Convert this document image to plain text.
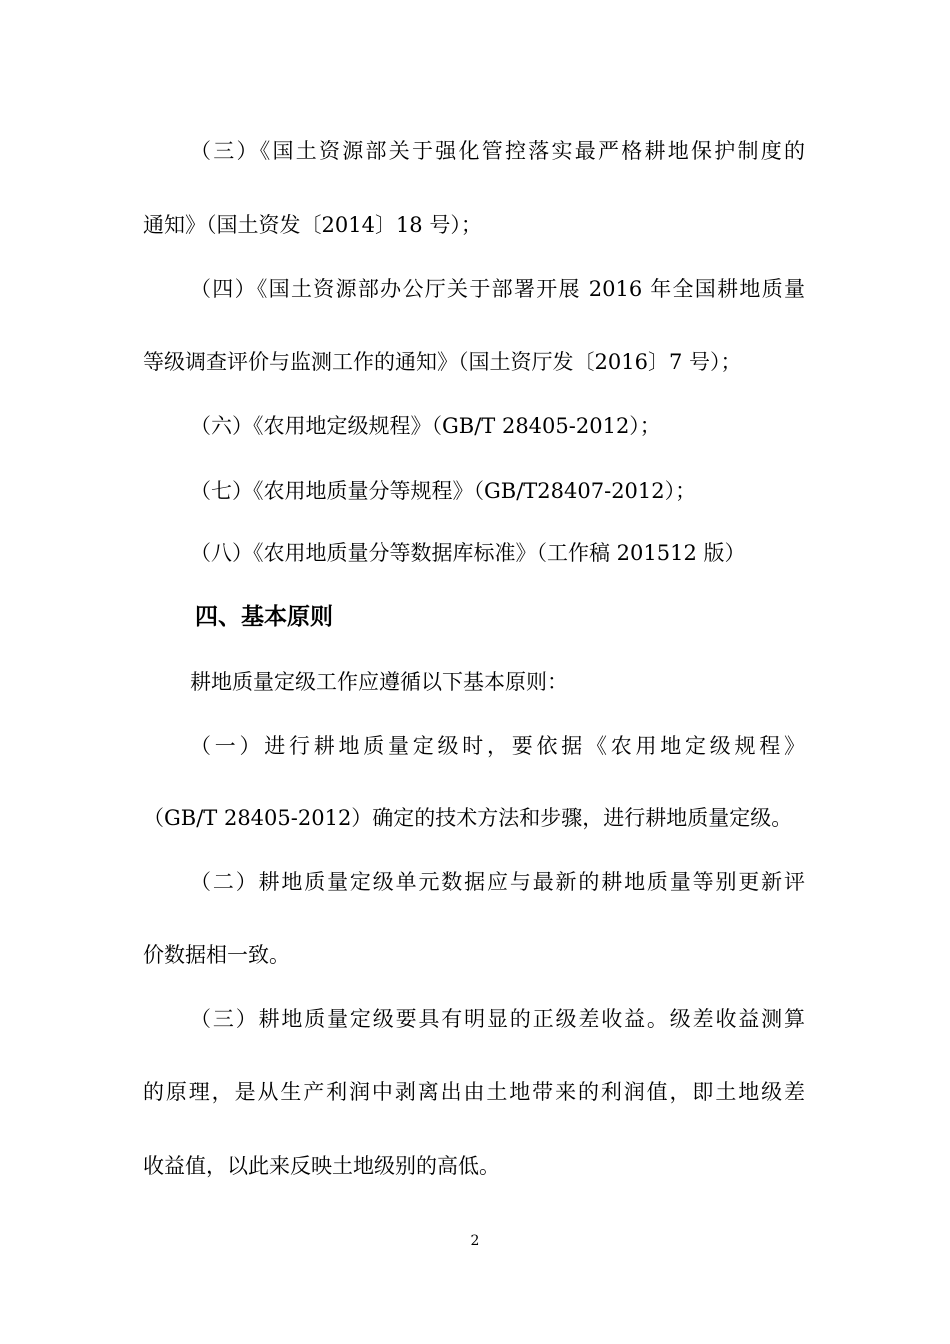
（三）《国土资源部关于强化管控落实最严格耕地保护制度的
通知》（国土资发〔2014〕18 号）；
（四）《国土资源部办公厅关于部署开展 2016 年全国耕地质量
等级调查评价与监测工作的通知》（国土资厅发〔2016〕7 号）；
（六）《农用地定级规程》（GB/T 28405-2012）；
（七）《农用地质量分等规程》（GB/T28407-2012）；
（八）《农用地质量分等数据库标准》（工作稿 201512 版）
四、基本原则
耕地质量定级工作应遵循以下基本原则：
（一）进行耕地质量定级时，要依据《农用地定级规程》
（GB/T 28405-2012）确定的技术方法和步骤，进行耕地质量定级。
（二）耕地质量定级单元数据应与最新的耕地质量等别更新评
价数据相一致。
（三）耕地质量定级要具有明显的正级差收益。级差收益测算
的原理，是从生产利润中剥离出由土地带来的利润值，即土地级差
收益值，以此来反映土地级别的高低。
2
